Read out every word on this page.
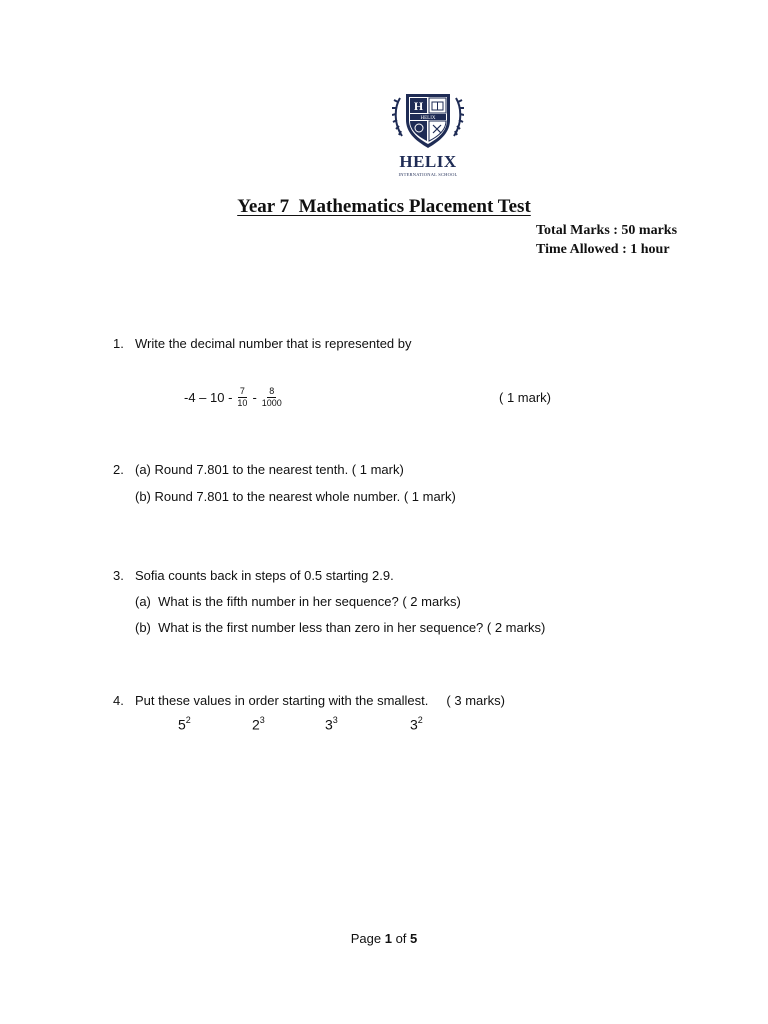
H
HELIX
HELIX
INTERNATIONAL SCHOOL
Year 7  Mathematics Placement Test
Total Marks : 50 marks
Time Allowed : 1 hour
1. Write the decimal number that is represented by
$-4 - 10 - \frac{7}{10} - \frac{8}{1000}$	( 1 mark)
2. (a) Round 7.801 to the nearest tenth. ( 1 mark)
(b) Round 7.801 to the nearest whole number. ( 1 mark)
3. Sofia counts back in steps of 0.5 starting 2.9.
(a)  What is the fifth number in her sequence? ( 2 marks)
(b)  What is the first number less than zero in her sequence? ( 2 marks)
4. Put these values in order starting with the smallest.     ( 3 marks)
$5^2$	$2^3$	$3^3$	$3^2$
Page 1 of 5
